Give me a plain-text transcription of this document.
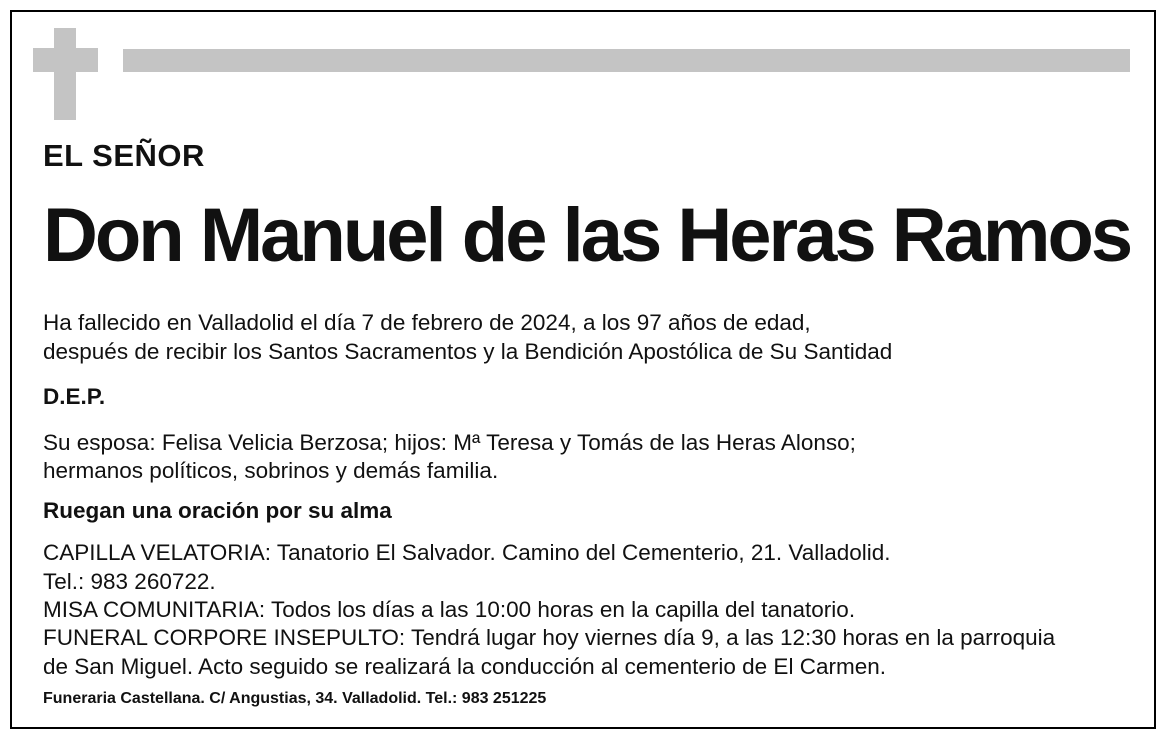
EL SEÑOR
Don Manuel de las Heras Ramos
Ha fallecido en Valladolid el día 7 de febrero de 2024, a los 97 años de edad,
después de recibir los Santos Sacramentos y la Bendición Apostólica de Su Santidad
D.E.P.
Su esposa: Felisa Velicia Berzosa; hijos: Mª Teresa y Tomás de las Heras Alonso;
hermanos políticos, sobrinos y demás familia.
Ruegan una oración por su alma
CAPILLA VELATORIA: Tanatorio El Salvador. Camino del Cementerio, 21. Valladolid.
Tel.: 983 260722.
MISA COMUNITARIA: Todos los días a las 10:00 horas en la capilla del tanatorio.
FUNERAL CORPORE INSEPULTO: Tendrá lugar hoy viernes día 9, a las 12:30 horas en la parroquia
de San Miguel. Acto seguido se realizará la conducción al cementerio de El Carmen.
Funeraria Castellana. C/ Angustias, 34. Valladolid. Tel.: 983 251225
